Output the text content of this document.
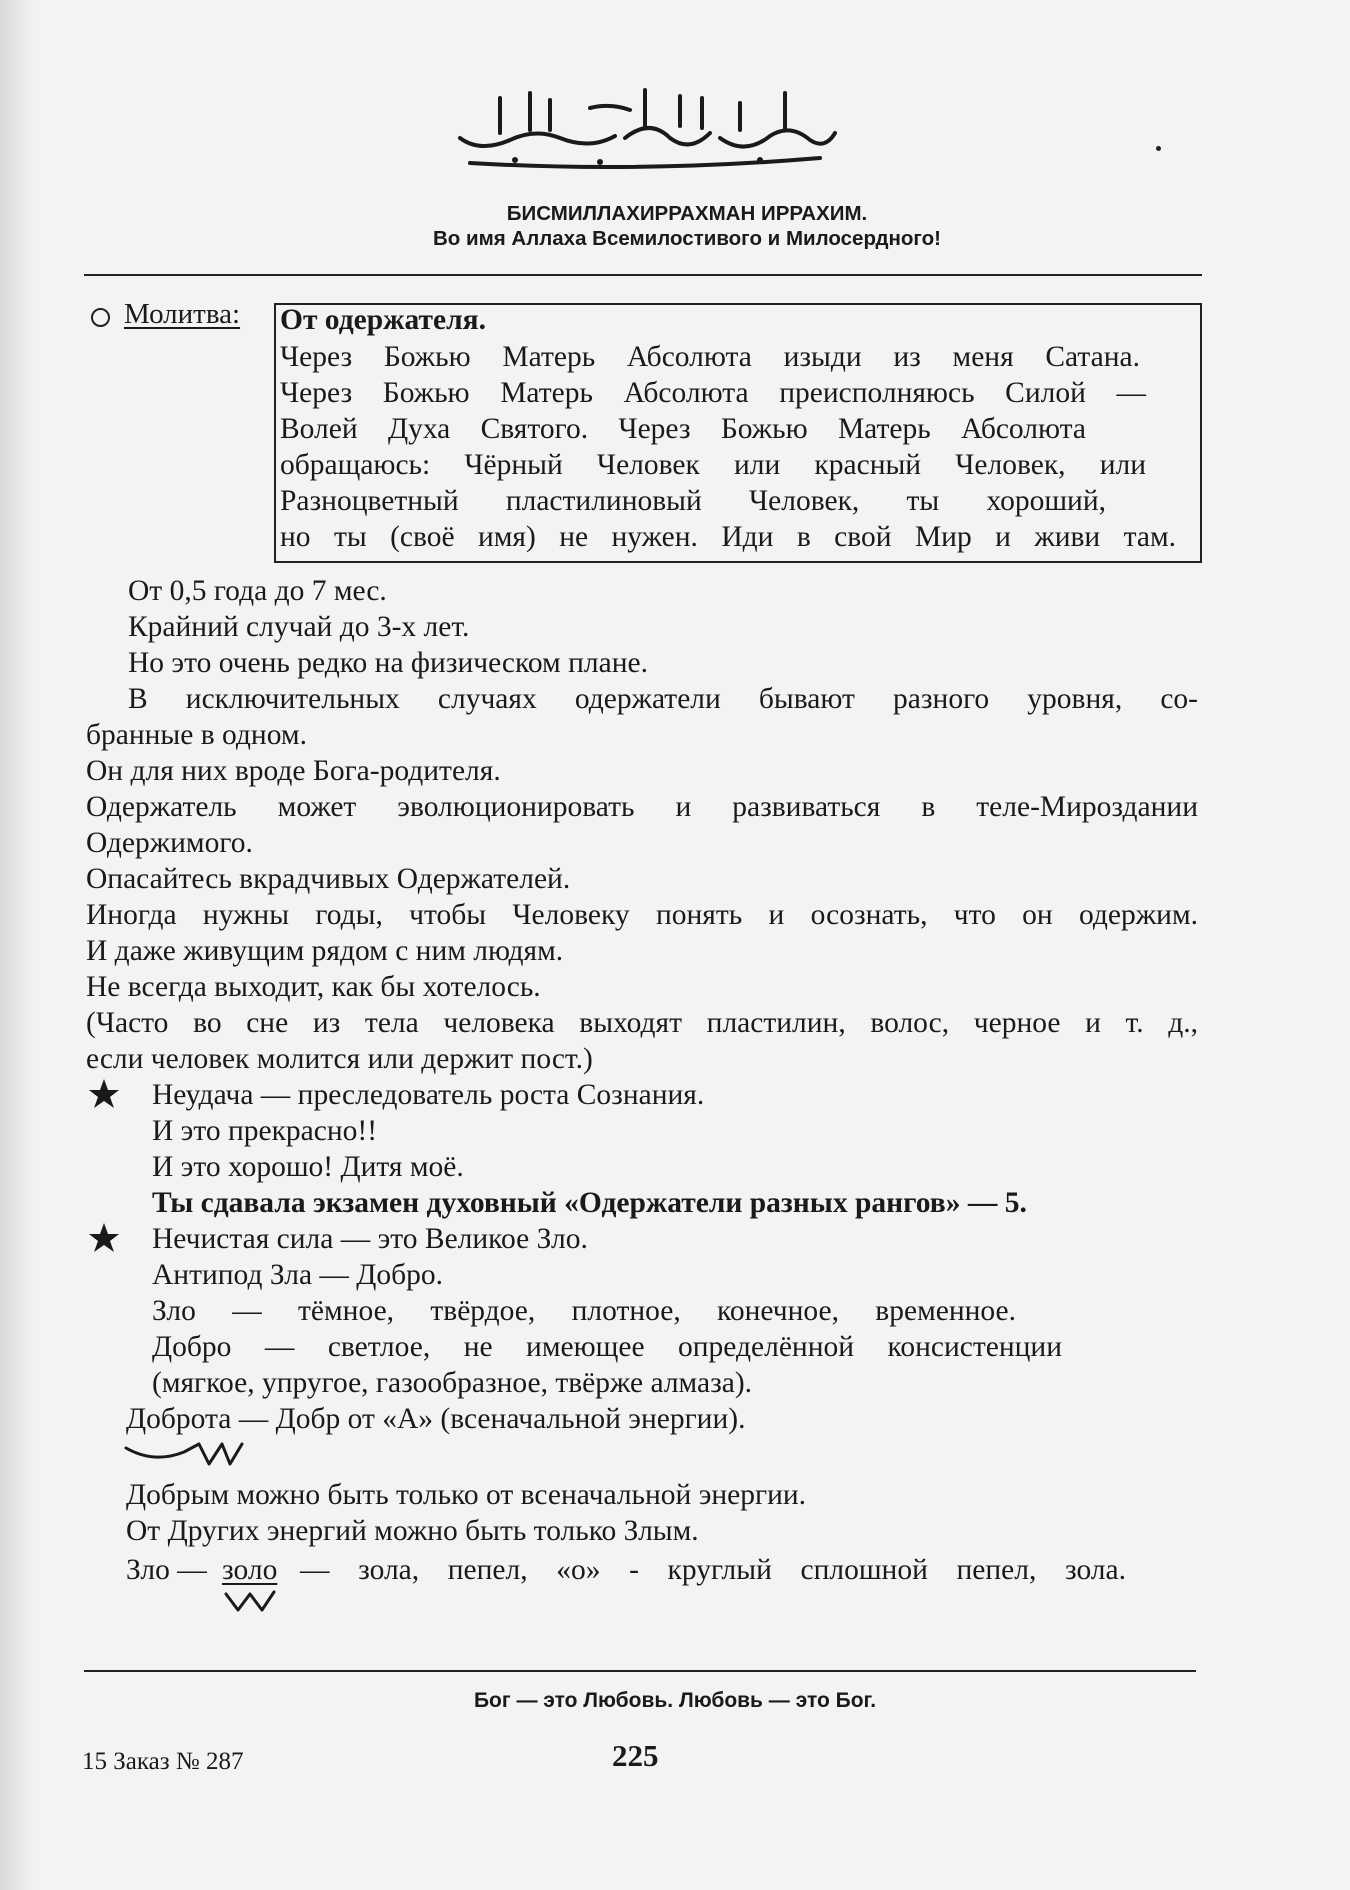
БИСМИЛЛАХИРРАХМАН ИРРАХИМ.
Во имя Аллаха Всемилостивого и Милосердного!
Молитва: От одержателя.
Через Божью Матерь Абсолюта изыди из меня Сатана.
Через Божью Матерь Абсолюта преисполняюсь Силой —
Волей Духа Святого. Через Божью Матерь Абсолюта
обращаюсь: Чёрный Человек или красный Человек, или
Разноцветный пластилиновый Человек, ты хороший,
но ты (своё имя) не нужен. Иди в свой Мир и живи там.
От 0,5 года до 7 мес.
Крайний случай до 3-х лет.
Но это очень редко на физическом плане.
В исключительных случаях одержатели бывают разного уровня, со-
бранные в одном.
Он для них вроде Бога-родителя.
Одержатель может эволюционировать и развиваться в теле-Мироздании
Одержимого.
Опасайтесь вкрадчивых Одержателей.
Иногда нужны годы, чтобы Человеку понять и осознать, что он одержим.
И даже живущим рядом с ним людям.
Не всегда выходит, как бы хотелось.
(Часто во сне из тела человека выходят пластилин, волос, черное и т. д.,
если человек молится или держит пост.)
Неудача — преследователь роста Сознания.
И это прекрасно!!
И это хорошо! Дитя моё.
Ты сдавала экзамен духовный «Одержатели разных рангов» — 5.
Нечистая сила — это Великое Зло.
Антипод Зла — Добро.
Зло — тёмное, твёрдое, плотное, конечное, временное.
Добро — светлое, не имеющее определённой консистенции
(мягкое, упругое, газообразное, твёрже алмаза).
Доброта — Добр от «А» (всеначальной энергии).
Добрым можно быть только от всеначальной энергии.
От Других энергий можно быть только Злым.
Зло — золо — зола, пепел, «о» - круглый сплошной пепел, зола.
Бог — это Любовь. Любовь — это Бог.
15 Заказ № 287	225
